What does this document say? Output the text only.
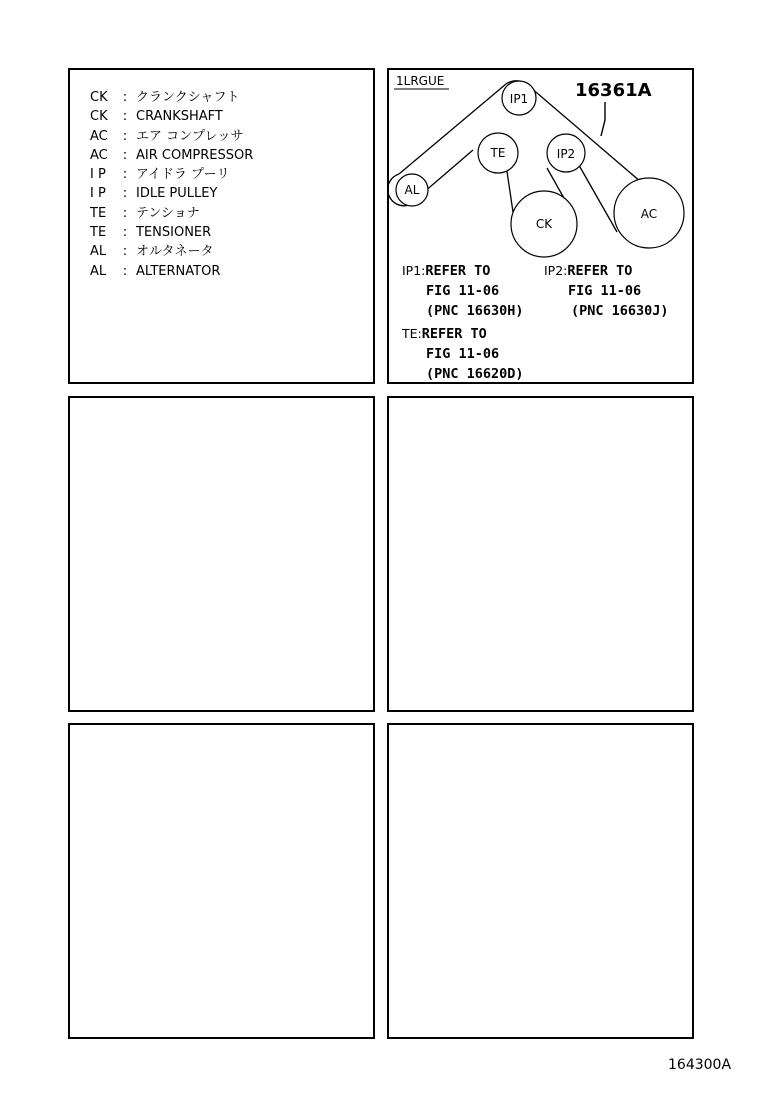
CK	: クランクシャフト
CK	: CRANKSHAFT
AC	: エア コンプレッサ
AC	: AIR COMPRESSOR
I P	: アイドラ プーリ
I P	: IDLE PULLEY
TE	: テンショナ
TE	: TENSIONER
AL	: オルタネータ
AL	: ALTERNATOR
1LRGUE	16361A
IP1
TE	IP2
AL
CK
AC
IP1:REFER TO
FIG 11-06
(PNC 16630H)
IP2:REFER TO
FIG 11-06
(PNC 16630J)
TE:REFER TO
FIG 11-06
(PNC 16620D)
164300A
